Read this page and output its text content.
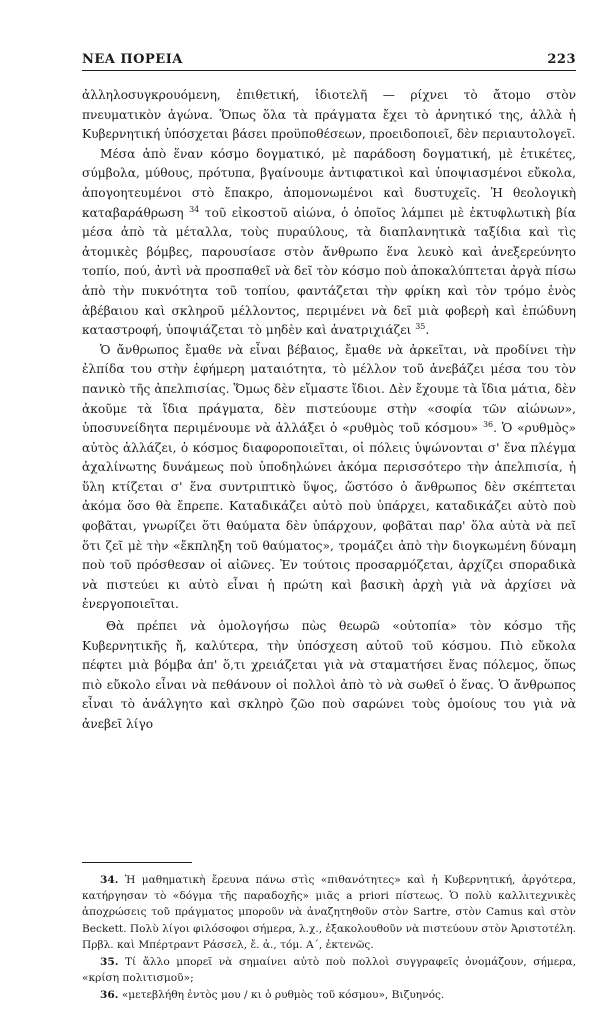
ΝΕΑ ΠΟΡΕΙΑ	223

ἀλληλοσυγκρουόμενη, ἐπιθετική, ἰδιοτελῆ — ρίχνει τὸ ἄτομο στὸν πνευματικὸν ἀγώνα. Ὅπως ὅλα τὰ πράγματα ἔχει τὸ ἀρνητικό της, ἀλλὰ ἡ Κυβερνητική ὑπόσχεται βάσει προϋποθέσεων, προειδοποιεῖ, δὲν περιαυτολογεῖ.

Μέσα ἀπὸ ἕναν κόσμο δογματικό, μὲ παράδοση δογματική, μὲ ἐτικέτες, σύμβολα, μύθους, πρότυπα, βγαίνουμε ἀντιφατικοὶ καὶ ὑποψιασμένοι εὔκολα, ἀπογοητευμένοι στὸ ἔπακρο, ἀπομονωμένοι καὶ δυστυχεῖς. Ἡ θεολογικὴ καταβαράθρωση $^{34}$ τοῦ εἰκοστοῦ αἰώνα, ὁ ὁποῖος λάμπει μὲ ἐκτυφλωτικὴ βία μέσα ἀπὸ τὰ μέταλλα, τοὺς πυραύλους, τὰ διαπλανητικὰ ταξίδια καὶ τὶς ἀτομικὲς βόμβες, παρουσίασε στὸν ἄνθρωπο ἕνα λευκὸ καὶ ἀνεξερεύνητο τοπίο, πού, ἀντὶ νὰ προσπαθεῖ νὰ δεῖ τὸν κόσμο ποὺ ἀποκαλύπτεται ἀργὰ πίσω ἀπὸ τὴν πυκνότητα τοῦ τοπίου, φαντάζεται τὴν φρίκη καὶ τὸν τρόμο ἑνὸς ἀβέβαιου καὶ σκληροῦ μέλλοντος, περιμένει νὰ δεῖ μιὰ φοβερὴ καὶ ἐπώδυνη καταστροφή, ὑποψιάζεται τὸ μηδὲν καὶ ἀνατριχιάζει $^{35}$.

Ὁ ἄνθρωπος ἔμαθε νὰ εἶναι βέβαιος, ἔμαθε νὰ ἀρκεῖται, νὰ προδίνει τὴν ἐλπίδα του στὴν ἐφήμερη ματαιότητα, τὸ μέλλον τοῦ ἀνεβάζει μέσα του τὸν πανικὸ τῆς ἀπελπισίας. Ὅμως δὲν εἴμαστε ἴδιοι. Δὲν ἔχουμε τὰ ἴδια μάτια, δὲν ἀκοῦμε τὰ ἴδια πράγματα, δὲν πιστεύουμε στὴν «σοφία τῶν αἰώνων», ὑποσυνείδητα περιμένουμε νὰ ἀλλάξει ὁ «ρυθμὸς τοῦ κόσμου» $^{36}$. Ὁ «ρυθμὸς» αὐτὸς ἀλλάζει, ὁ κόσμος διαφοροποιεῖται, οἱ πόλεις ὑψώνονται σ' ἕνα πλέγμα ἀχαλίνωτης δυνάμεως ποὺ ὑποδηλώνει ἀκόμα περισσότερο τὴν ἀπελπισία, ἡ ὕλη κτίζεται σ' ἕνα συντριπτικὸ ὕψος, ὥστόσο ὁ ἄνθρωπος δὲν σκέπτεται ἀκόμα ὅσο θὰ ἔπρεπε. Καταδικάζει αὐτὸ ποὺ ὑπάρχει, καταδικάζει αὐτὸ ποὺ φοβᾶται, γνωρίζει ὅτι θαύματα δὲν ὑπάρχουν, φοβᾶται παρ' ὅλα αὐτὰ νὰ πεῖ ὅτι ζεῖ μὲ τὴν «ἔκπληξη τοῦ θαύματος», τρομάζει ἀπὸ τὴν διογκωμένη δύναμη ποὺ τοῦ πρόσθεσαν οἱ αἰῶνες. Ἐν τούτοις προσαρμόζεται, ἀρχίζει σποραδικὰ νὰ πιστεύει κι αὐτὸ εἶναι ἡ πρώτη καὶ βασικὴ ἀρχὴ γιὰ νὰ ἀρχίσει νὰ ἐνεργοποιεῖται.

Θὰ πρέπει νὰ ὁμολογήσω πὼς θεωρῶ «οὐτοπία» τὸν κόσμο τῆς Κυβερνητικῆς ἤ, καλύτερα, τὴν ὑπόσχεση αὐτοῦ τοῦ κόσμου. Πιὸ εὔκολα πέφτει μιὰ βόμβα ἀπ' ὅ,τι χρειάζεται γιὰ νὰ σταματήσει ἕνας πόλεμος, ὅπως πιὸ εὔκολο εἶναι νὰ πεθάνουν οἱ πολλοὶ ἀπὸ τὸ νὰ σωθεῖ ὁ ἕνας. Ὁ ἄνθρωπος εἶναι τὸ ἀνάλγητο καὶ σκληρὸ ζῶο ποὺ σαρώνει τοὺς ὁμοίους του γιὰ νὰ ἀνεβεῖ λίγο

34. Ἡ μαθηματικὴ ἔρευνα πάνω στὶς «πιθανότητες» καὶ ἡ Κυβερνητική, ἀργότερα, κατήργησαν τὸ «δόγμα τῆς παραδοχῆς» μιᾶς a priori πίστεως. Ὁ πολὺ καλλιτεχνικὲς ἀποχρώσεις τοῦ πράγματος μποροῦν νὰ ἀναζητηθοῦν στὸν Sartre, στὸν Camus καὶ στὸν Beckett. Πολὺ λίγοι φιλόσοφοι σήμερα, λ.χ., ἐξακολουθοῦν νὰ πιστεύουν στὸν Ἀριστοτέλη. Πρβλ. καὶ Μπέρτραντ Ράσσελ, ἔ. ἀ., τόμ. Α΄, ἐκτενῶς.

35. Τί ἄλλο μπορεῖ νὰ σημαίνει αὐτὸ ποὺ πολλοὶ συγγραφεῖς ὀνομάζουν, σήμερα, «κρίση πολιτισμοῦ»;

36. «μετεβλήθη ἐντὸς μου / κι ὁ ρυθμὸς τοῦ κόσμου», Βιζυηνός.
